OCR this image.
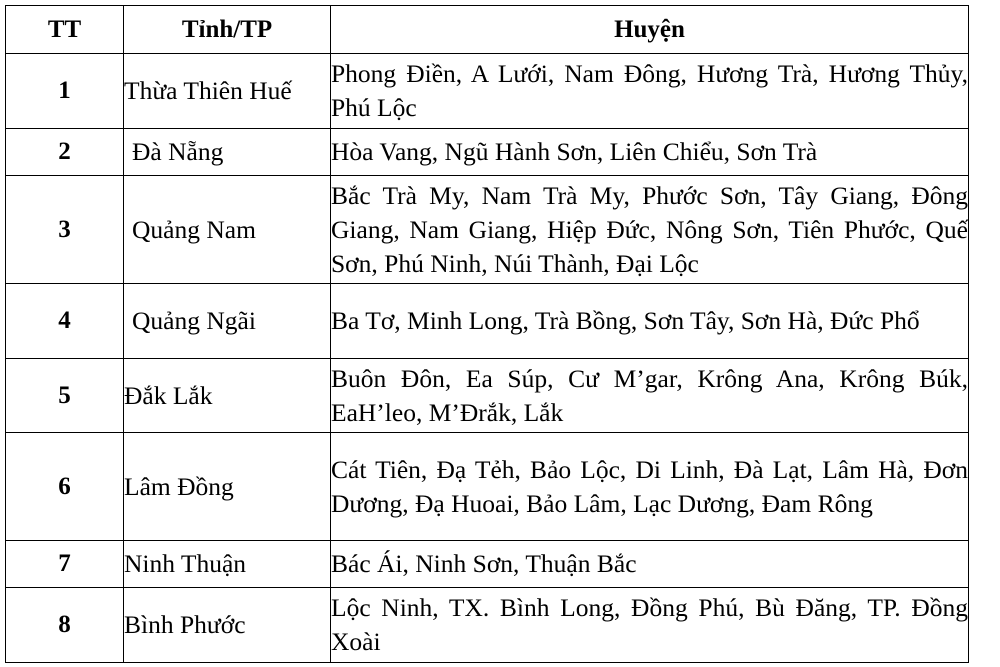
TT	Tỉnh/TP	Huyện
1	Thừa Thiên Huế	Phong Điền, A Lưới, Nam Đông, Hương Trà, Hương Thủy, Phú Lộc
2	Đà Nẵng	Hòa Vang, Ngũ Hành Sơn, Liên Chiểu, Sơn Trà
3	Quảng Nam	Bắc Trà My, Nam Trà My, Phước Sơn, Tây Giang, Đông Giang, Nam Giang, Hiệp Đức, Nông Sơn, Tiên Phước, Quế Sơn, Phú Ninh, Núi Thành, Đại Lộc
4	Quảng Ngãi	Ba Tơ, Minh Long, Trà Bồng, Sơn Tây, Sơn Hà, Đức Phổ
5	Đắk Lắk	Buôn Đôn, Ea Súp, Cư M’gar, Krông Ana, Krông Búk, EaH’leo, M’Đrắk, Lắk
6	Lâm Đồng	Cát Tiên, Đạ Tẻh, Bảo Lộc, Di Linh, Đà Lạt, Lâm Hà, Đơn Dương, Đạ Huoai, Bảo Lâm, Lạc Dương, Đam Rông
7	Ninh Thuận	Bác Ái, Ninh Sơn, Thuận Bắc
8	Bình Phước	Lộc Ninh, TX. Bình Long, Đồng Phú, Bù Đăng, TP. Đồng Xoài
